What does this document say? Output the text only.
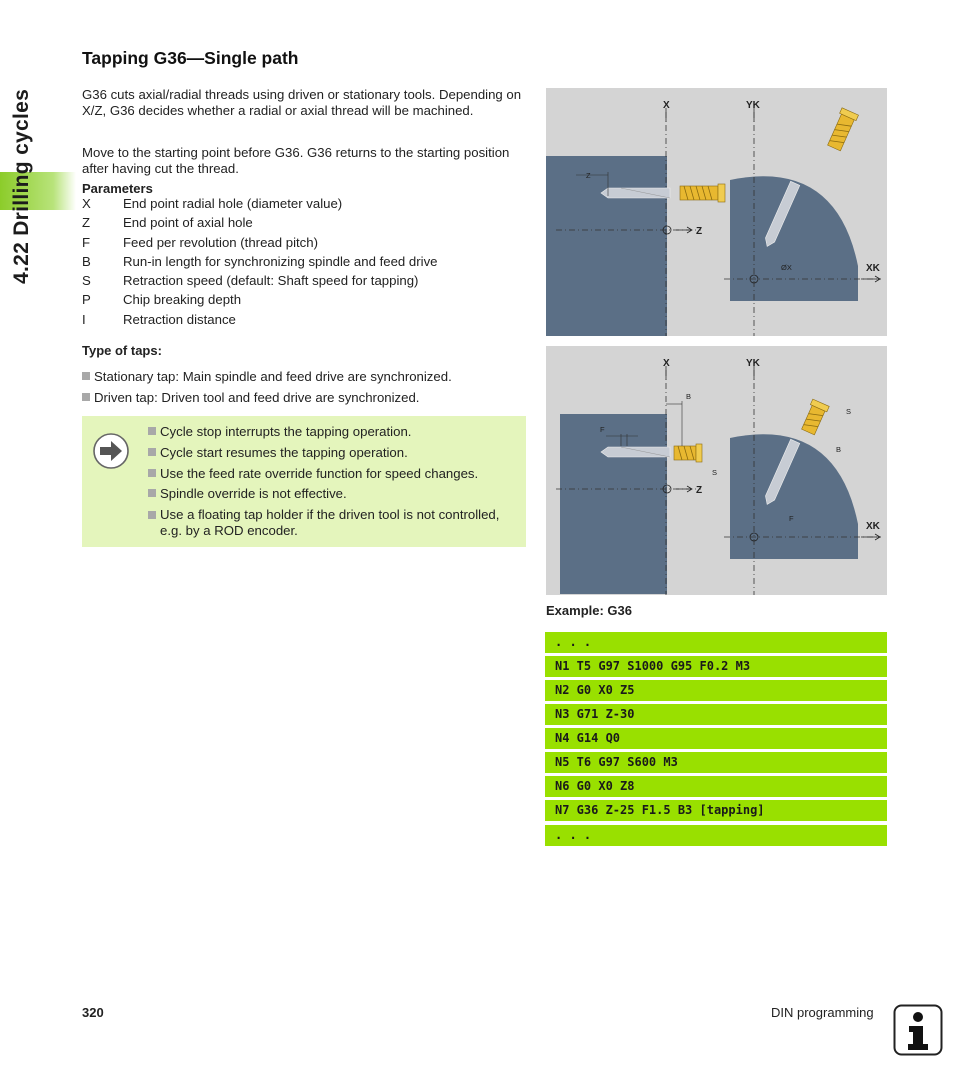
4.22 Drilling cycles
Tapping G36—Single path

G36 cuts axial/radial threads using driven or stationary tools. Depending on X/Z, G36 decides whether a radial or axial thread will be machined.

Move to the starting point before G36. G36 returns to the starting position after having cut the thread.

Parameters
X	End point radial hole (diameter value)
Z	End point of axial hole
F	Feed per revolution (thread pitch)
B	Run-in length for synchronizing spindle and feed drive
S	Retraction speed (default: Shaft speed for tapping)
P	Chip breaking depth
I	Retraction distance
Type of taps:
Stationary tap: Main spindle and feed drive are synchronized.
Driven tap: Driven tool and feed drive are synchronized.
Cycle stop interrupts the tapping operation.
Cycle start resumes the tapping operation.
Use the feed rate override function for speed changes.
Spindle override is not effective.
Use a floating tap holder if the driven tool is not controlled, e.g. by a ROD encoder.
X	YK
Z
Z
XK
ØX
X	YK
F
B
S
B
S
F
Z
XK
Example: G36
. . .
N1 T5 G97 S1000 G95 F0.2 M3
N2 G0 X0 Z5
N3 G71 Z-30
N4 G14 Q0
N5 T6 G97 S600 M3
N6 G0 X0 Z8
N7 G36 Z-25 F1.5 B3 [tapping]
. . .
320	DIN programming
